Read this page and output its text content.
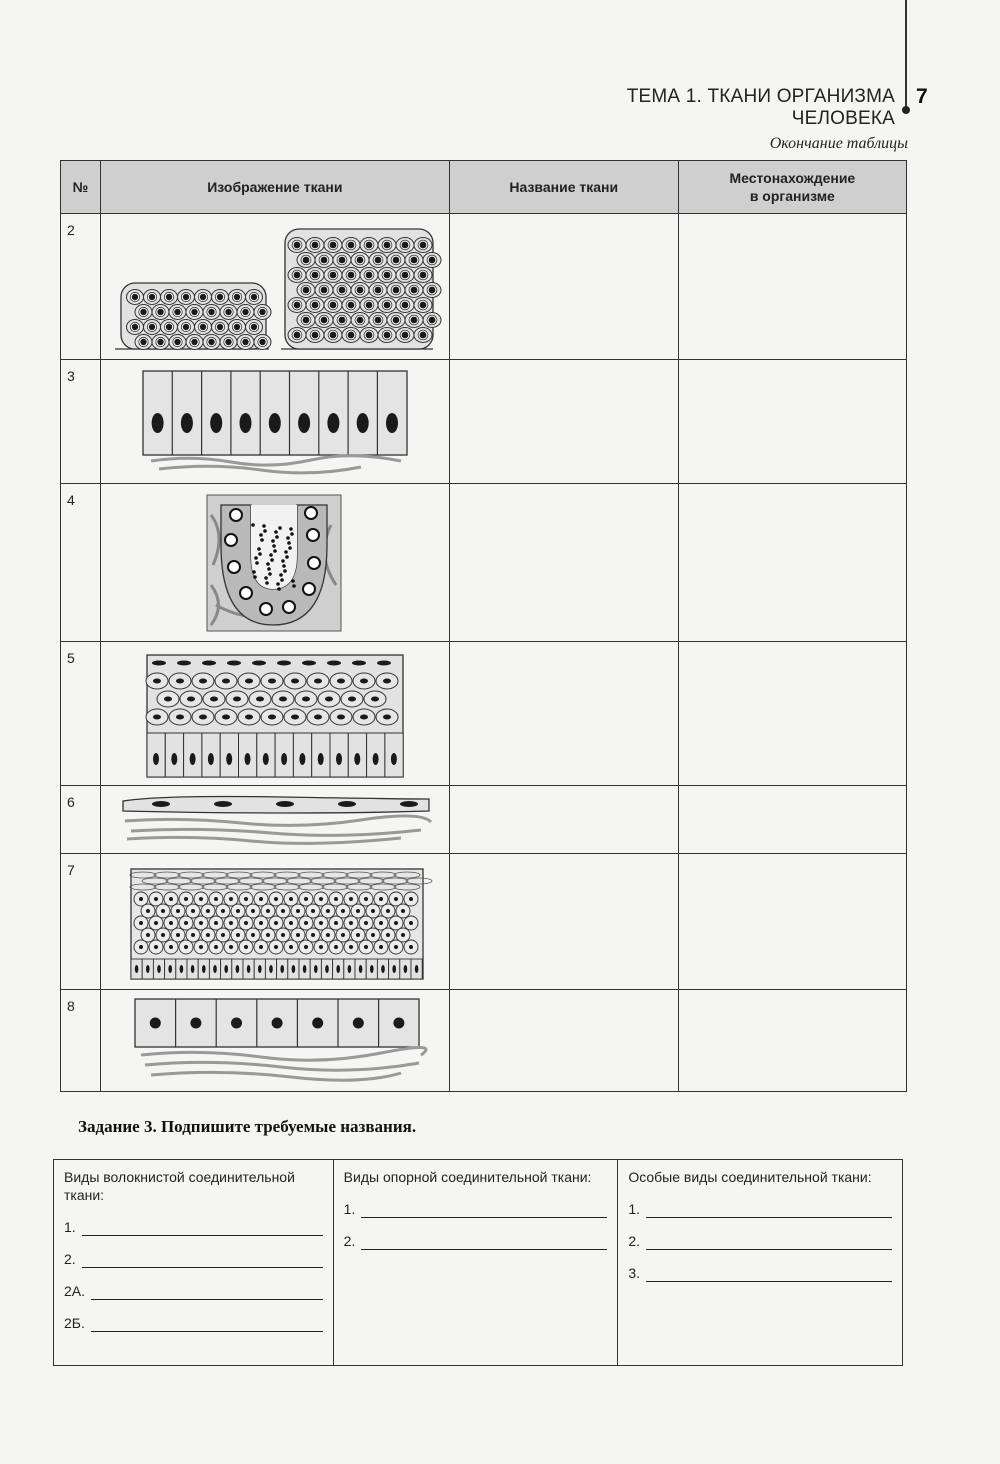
ТЕМА 1. ТКАНИ ОРГАНИЗМА ЧЕЛОВЕКА
7
Окончание таблицы
№	Изображение ткани	Название ткани	Местонахождение
в организме
2	

3	

4	

5	

6	

7	

8	

Задание 3. Подпишите требуемые названия.
Виды волокнистой соединительной ткани:
1.
2.
2А.
2Б.

Виды опорной соединительной ткани:
1.
2.

Особые виды соединительной ткани:
1.
2.
3.
